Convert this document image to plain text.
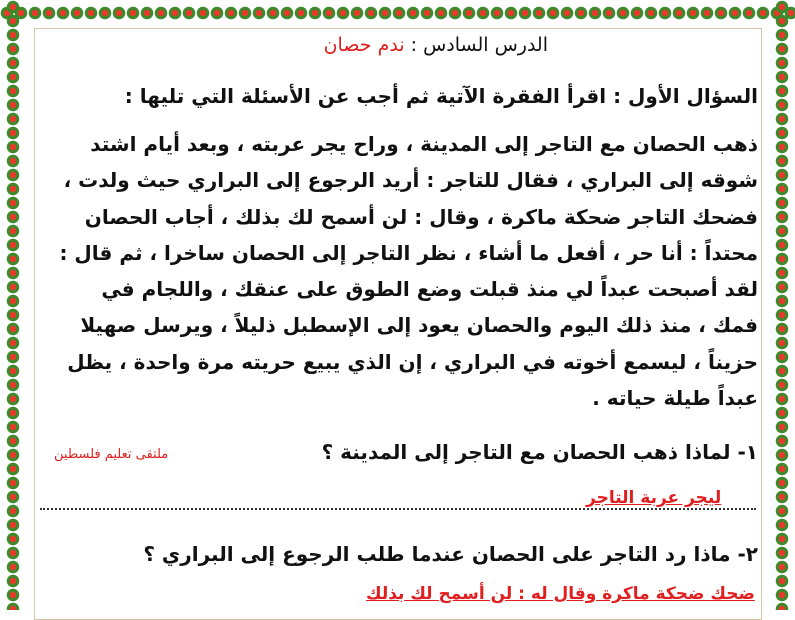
الدرس السادس : ندم حصان
السؤال الأول : اقرأ الفقرة الآتية ثم أجب عن الأسئلة التي تليها :
ذهب الحصان مع التاجر إلى المدينة ، وراح يجر عربته ، وبعد أيام اشتد
شوقه إلى البراري ، فقال للتاجر : أريد الرجوع إلى البراري حيث ولدت ،
فضحك التاجر ضحكة ماكرة ، وقال : لن أسمح لك بذلك ، أجاب الحصان
محتداً : أنا حر ، أفعل ما أشاء ، نظر التاجر إلى الحصان ساخرا ، ثم قال :
لقد أصبحت عبداً لي منذ قبلت وضع الطوق على عنقك ، واللجام في
فمك ، منذ ذلك اليوم والحصان يعود إلى الإسطبل ذليلاً ، ويرسل صهيلا
حزيناً ، ليسمع أخوته في البراري ، إن الذي يبيع حريته مرة واحدة ، يظل
عبداً طيلة حياته .
١- لماذا ذهب الحصان مع التاجر إلى المدينة ؟
ملتقى تعليم فلسطين
ليجر عربة التاجر
٢- ماذا رد التاجر على الحصان عندما طلب الرجوع إلى البراري ؟
ضحك ضحكة ماكرة وقال له : لن أسمح لك بذلك
